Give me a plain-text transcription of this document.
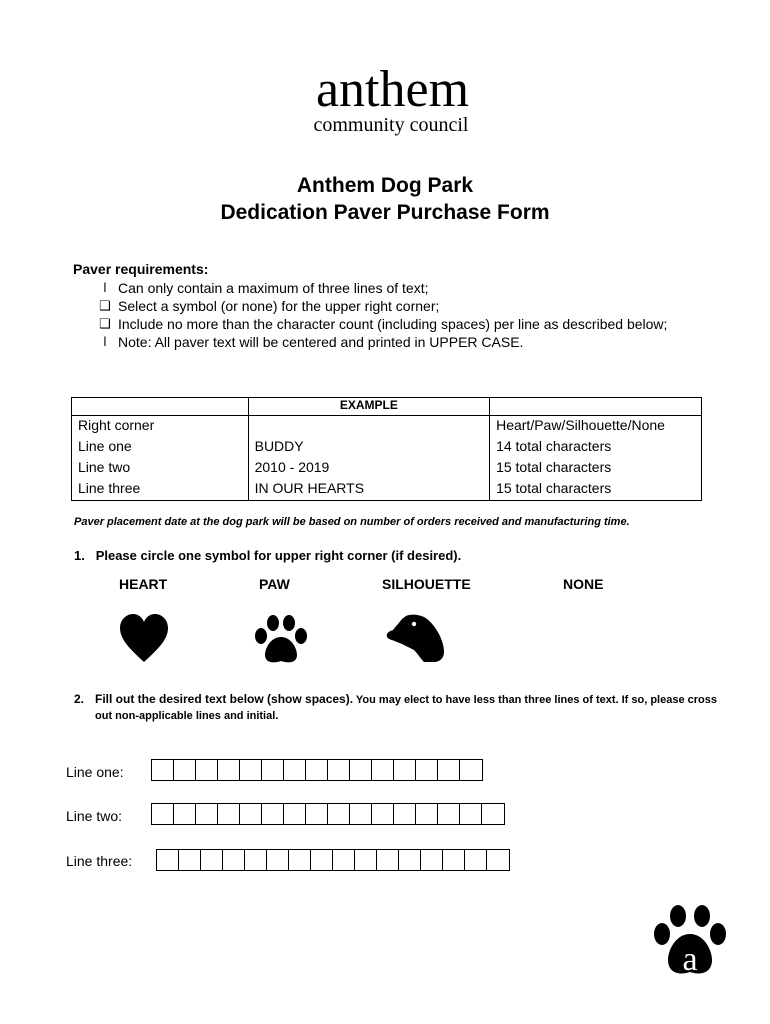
anthem
community council
Anthem Dog Park
Dedication Paver Purchase Form
Paver requirements:
l Can only contain a maximum of three lines of text;
❑ Select a symbol (or none) for the upper right corner;
❑ Include no more than the character count (including spaces) per line as described below;
l Note: All paver text will be centered and printed in UPPER CASE.
	EXAMPLE	
Right corner		Heart/Paw/Silhouette/None
Line one	BUDDY	14 total characters
Line two	2010 - 2019	15 total characters
Line three	IN OUR HEARTS	15 total characters
Paver placement date at the dog park will be based on number of orders received and manufacturing time.
1. Please circle one symbol for upper right corner (if desired).
HEART	PAW	SILHOUETTE	NONE
2. Fill out the desired text below (show spaces). You may elect to have less than three lines of text. If so, please cross out non-applicable lines and initial.
Line one:
Line two:
Line three:
a
